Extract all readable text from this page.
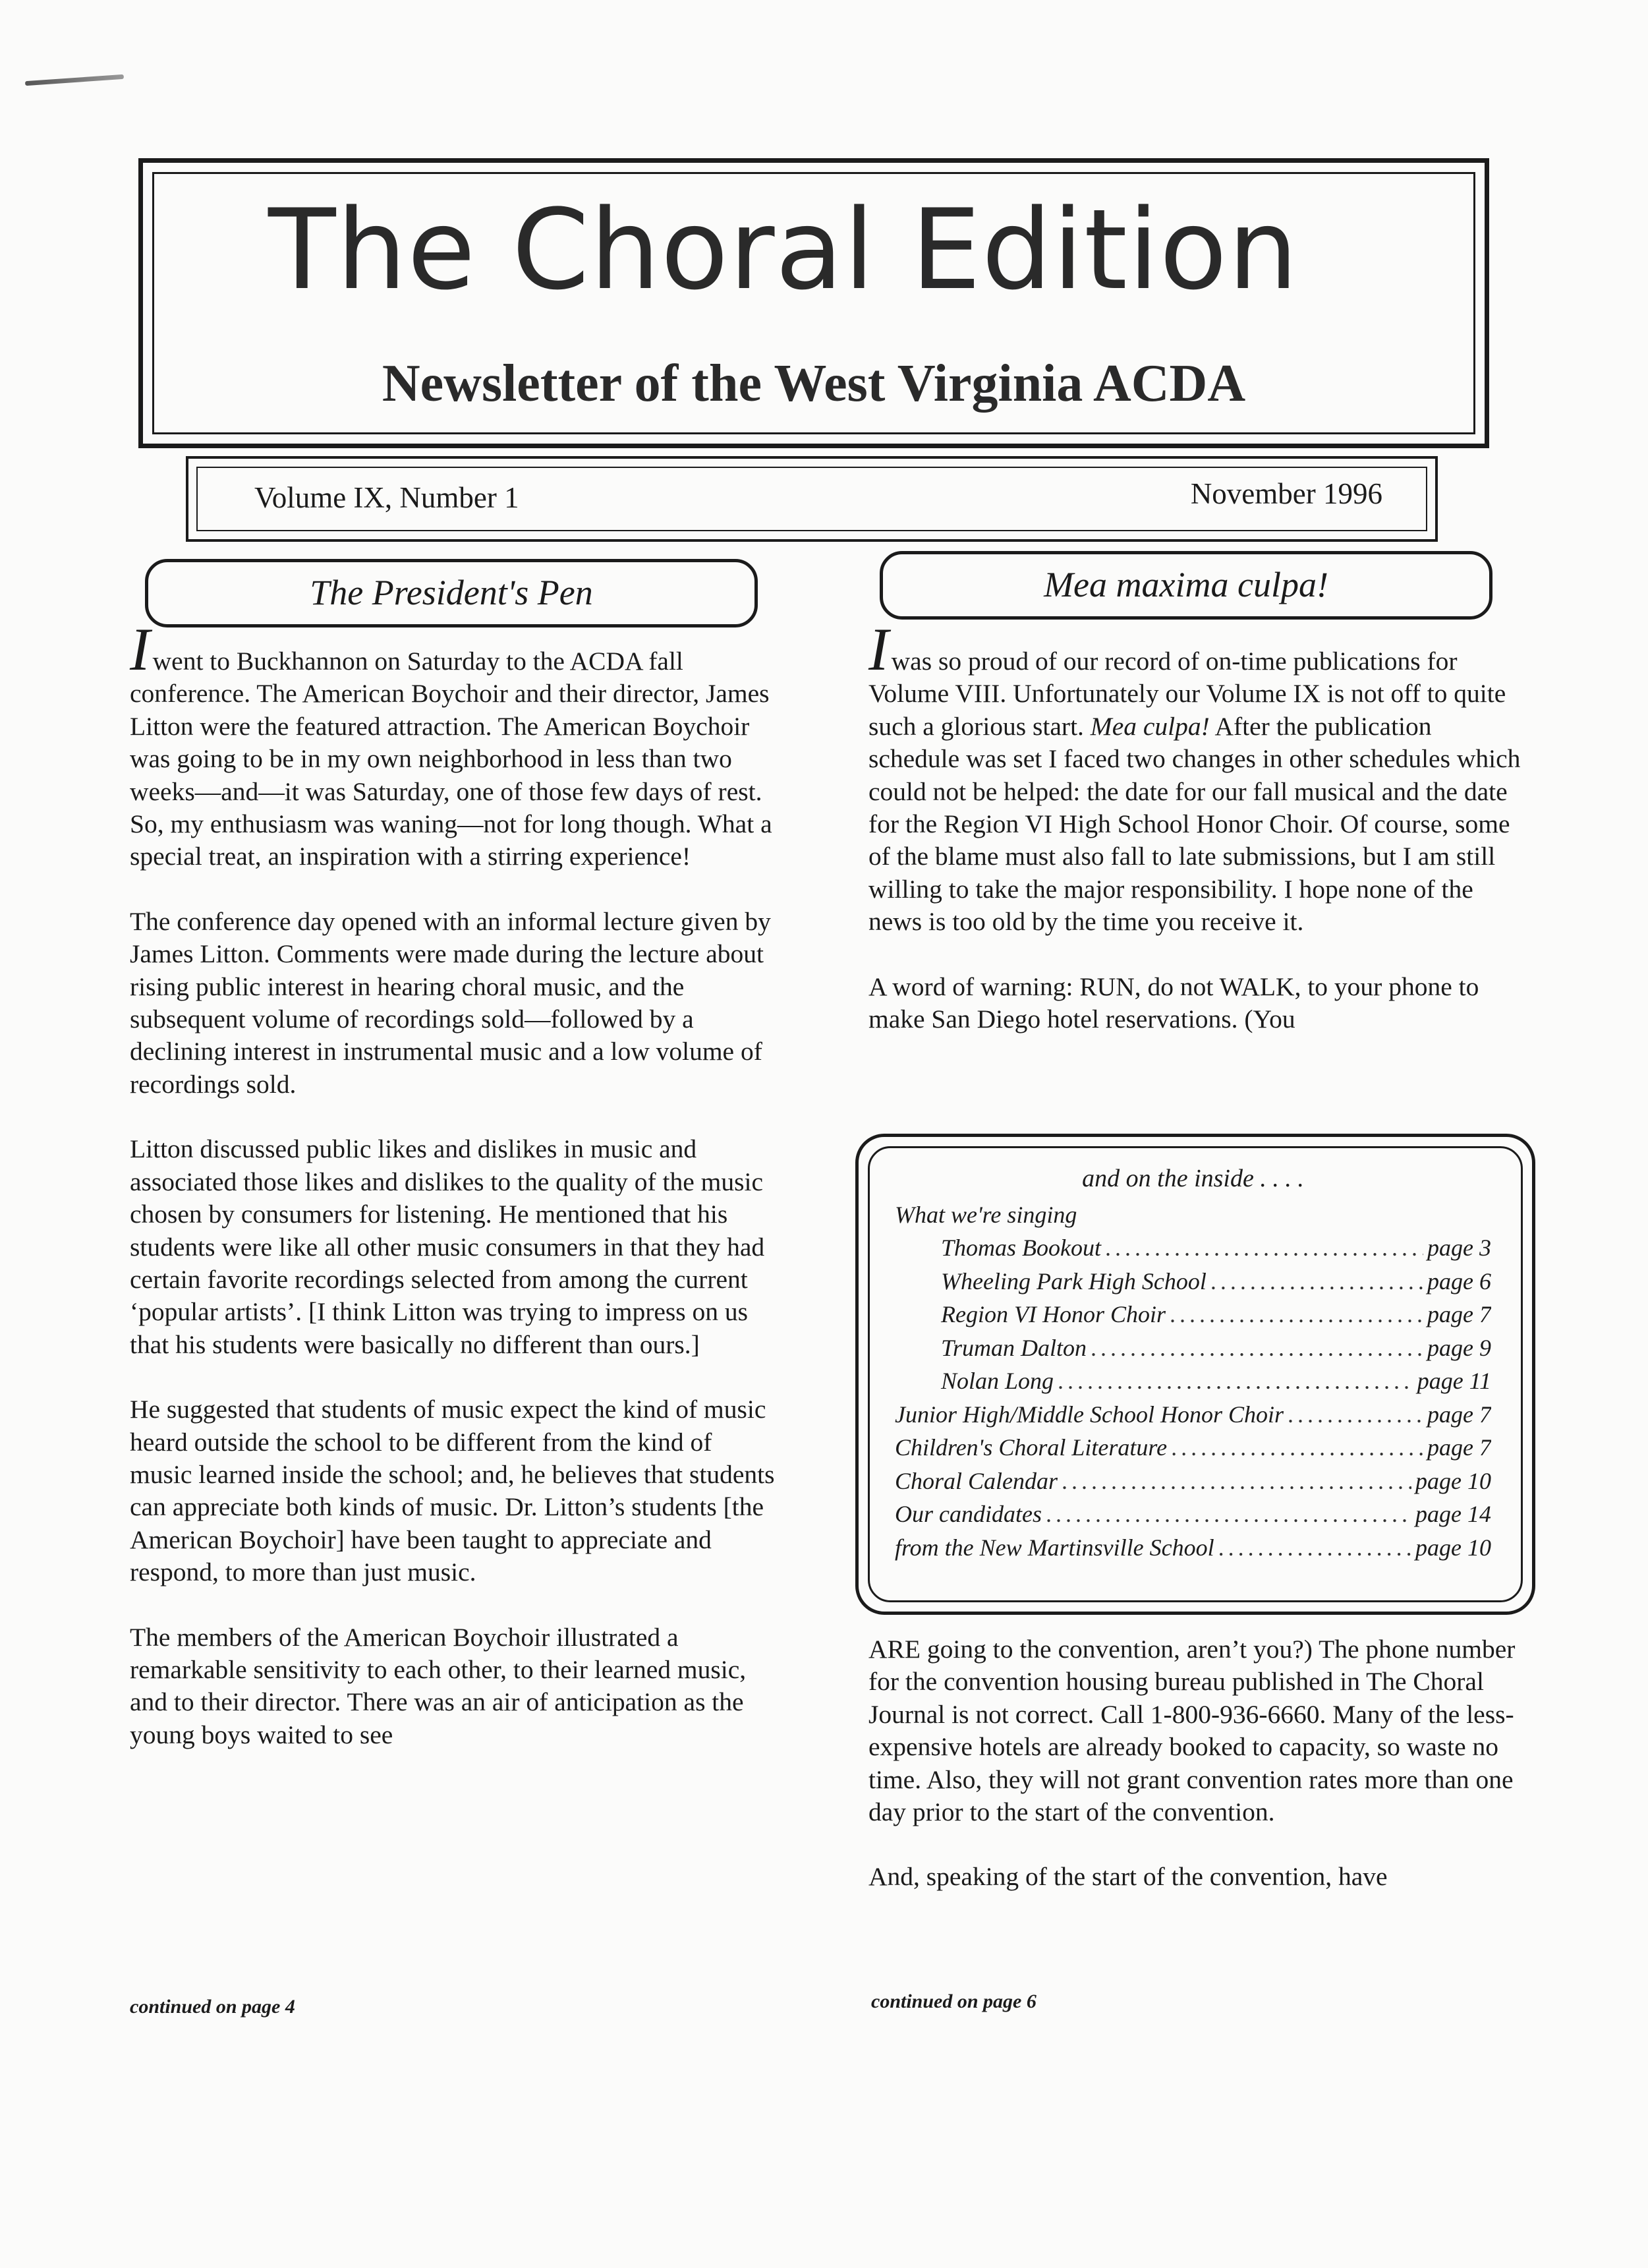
The Choral Edition
Newsletter of the West Virginia ACDA
Volume IX, Number 1	November 1996
The President's Pen

Iwent to Buckhannon on Saturday to the ACDA fall conference. The American Boychoir and their director, James Litton were the featured attraction. The American Boychoir was going to be in my own neighborhood in less than two weeks—and—it was Saturday, one of those few days of rest. So, my enthusiasm was waning—not for long though. What a special treat, an inspiration with a stirring experience!

The conference day opened with an informal lecture given by James Litton. Comments were made during the lecture about rising public interest in hearing choral music, and the subsequent volume of recordings sold—followed by a declining interest in instrumental music and a low volume of recordings sold.

Litton discussed public likes and dislikes in music and associated those likes and dislikes to the quality of the music chosen by consumers for listening. He mentioned that his students were like all other music consumers in that they had certain favorite recordings selected from among the current ‘popular artists’. [I think Litton was trying to impress on us that his students were basically no different than ours.]

He suggested that students of music expect the kind of music heard outside the school to be different from the kind of music learned inside the school; and, he believes that students can appreciate both kinds of music. Dr. Litton’s students [the American Boychoir] have been taught to appreciate and respond, to more than just music.

The members of the American Boychoir illustrated a remarkable sensitivity to each other, to their learned music, and to their director. There was an air of anticipation as the young boys waited to see

continued on page 4
Mea maxima culpa!

Iwas so proud of our record of on-time publications for Volume VIII. Unfortunately our Volume IX is not off to quite such a glorious start. Mea culpa! After the publication schedule was set I faced two changes in other schedules which could not be helped: the date for our fall musical and the date for the Region VI High School Honor Choir. Of course, some of the blame must also fall to late submissions, but I am still willing to take the major responsibility. I hope none of the news is too old by the time you receive it.

A word of warning: RUN, do not WALK, to your phone to make San Diego hotel reservations. (You

and on the inside . . . .
What we're singing
Thomas Bookout .....	page 3
Wheeling Park High School .....	page 6
Region VI Honor Choir .....	page 7
Truman Dalton .....	page 9
Nolan Long .....	page 11
Junior High/Middle School Honor Choir .....	page 7
Children's Choral Literature .....	page 7
Choral Calendar .....	page 10
Our candidates .....	page 14
from the New Martinsville School .....	page 10

ARE going to the convention, aren’t you?) The phone number for the convention housing bureau published in The Choral Journal is not correct. Call 1-800-936-6660. Many of the less-expensive hotels are already booked to capacity, so waste no time. Also, they will not grant convention rates more than one day prior to the start of the convention.

And, speaking of the start of the convention, have

continued on page 6
